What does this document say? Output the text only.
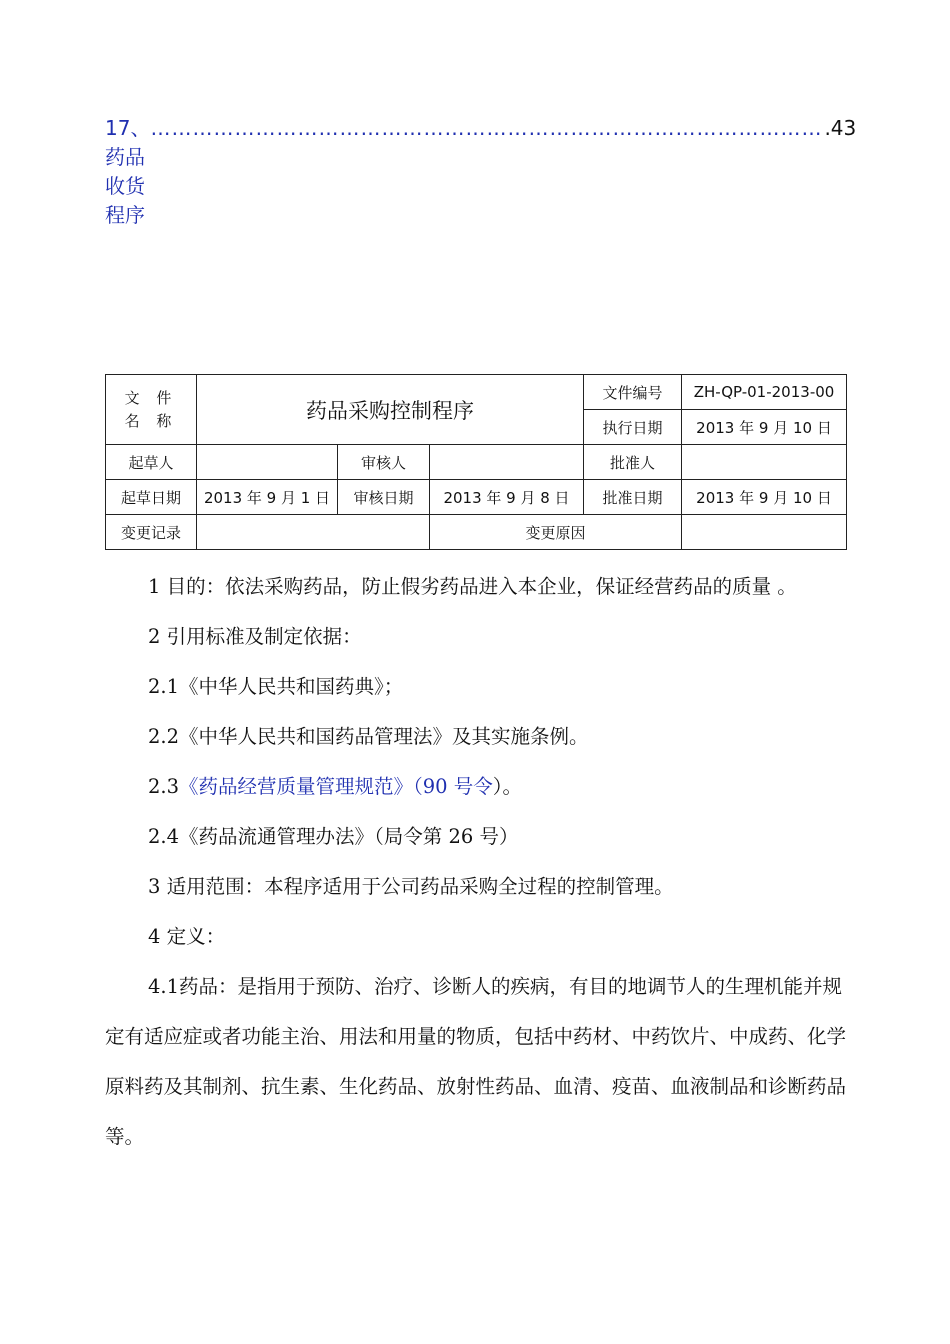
17、药品收货程序
…………………………………………………………………………………… .43
文 件
名 称	药品采购控制程序			文件编号	ZH-QP-01-2013-00
				执行日期	2013 年 9 月 10 日
起草人		审核人		批准人	
起草日期	2013 年 9 月 1 日	审核日期	2013 年 9 月 8 日	批准日期	2013 年 9 月 10 日
变更记录			变更原因		

1 目的：依法采购药品，防止假劣药品进入本企业，保证经营药品的质量 。

2 引用标准及制定依据：

2.1《中华人民共和国药典》；

2.2《中华人民共和国药品管理法》及其实施条例。

2.3《药品经营质量管理规范》（90 号令）。

2.4《药品流通管理办法》（局令第 26 号）

3 适用范围：本程序适用于公司药品采购全过程的控制管理。

4 定义：

4.1药品：是指用于预防、治疗、诊断人的疾病，有目的地调节人的生理机能并规定有适应症或者功能主治、用法和用量的物质，包括中药材、中药饮片、中成药、化学原料药及其制剂、抗生素、生化药品、放射性药品、血清、疫苗、血液制品和诊断药品等。
